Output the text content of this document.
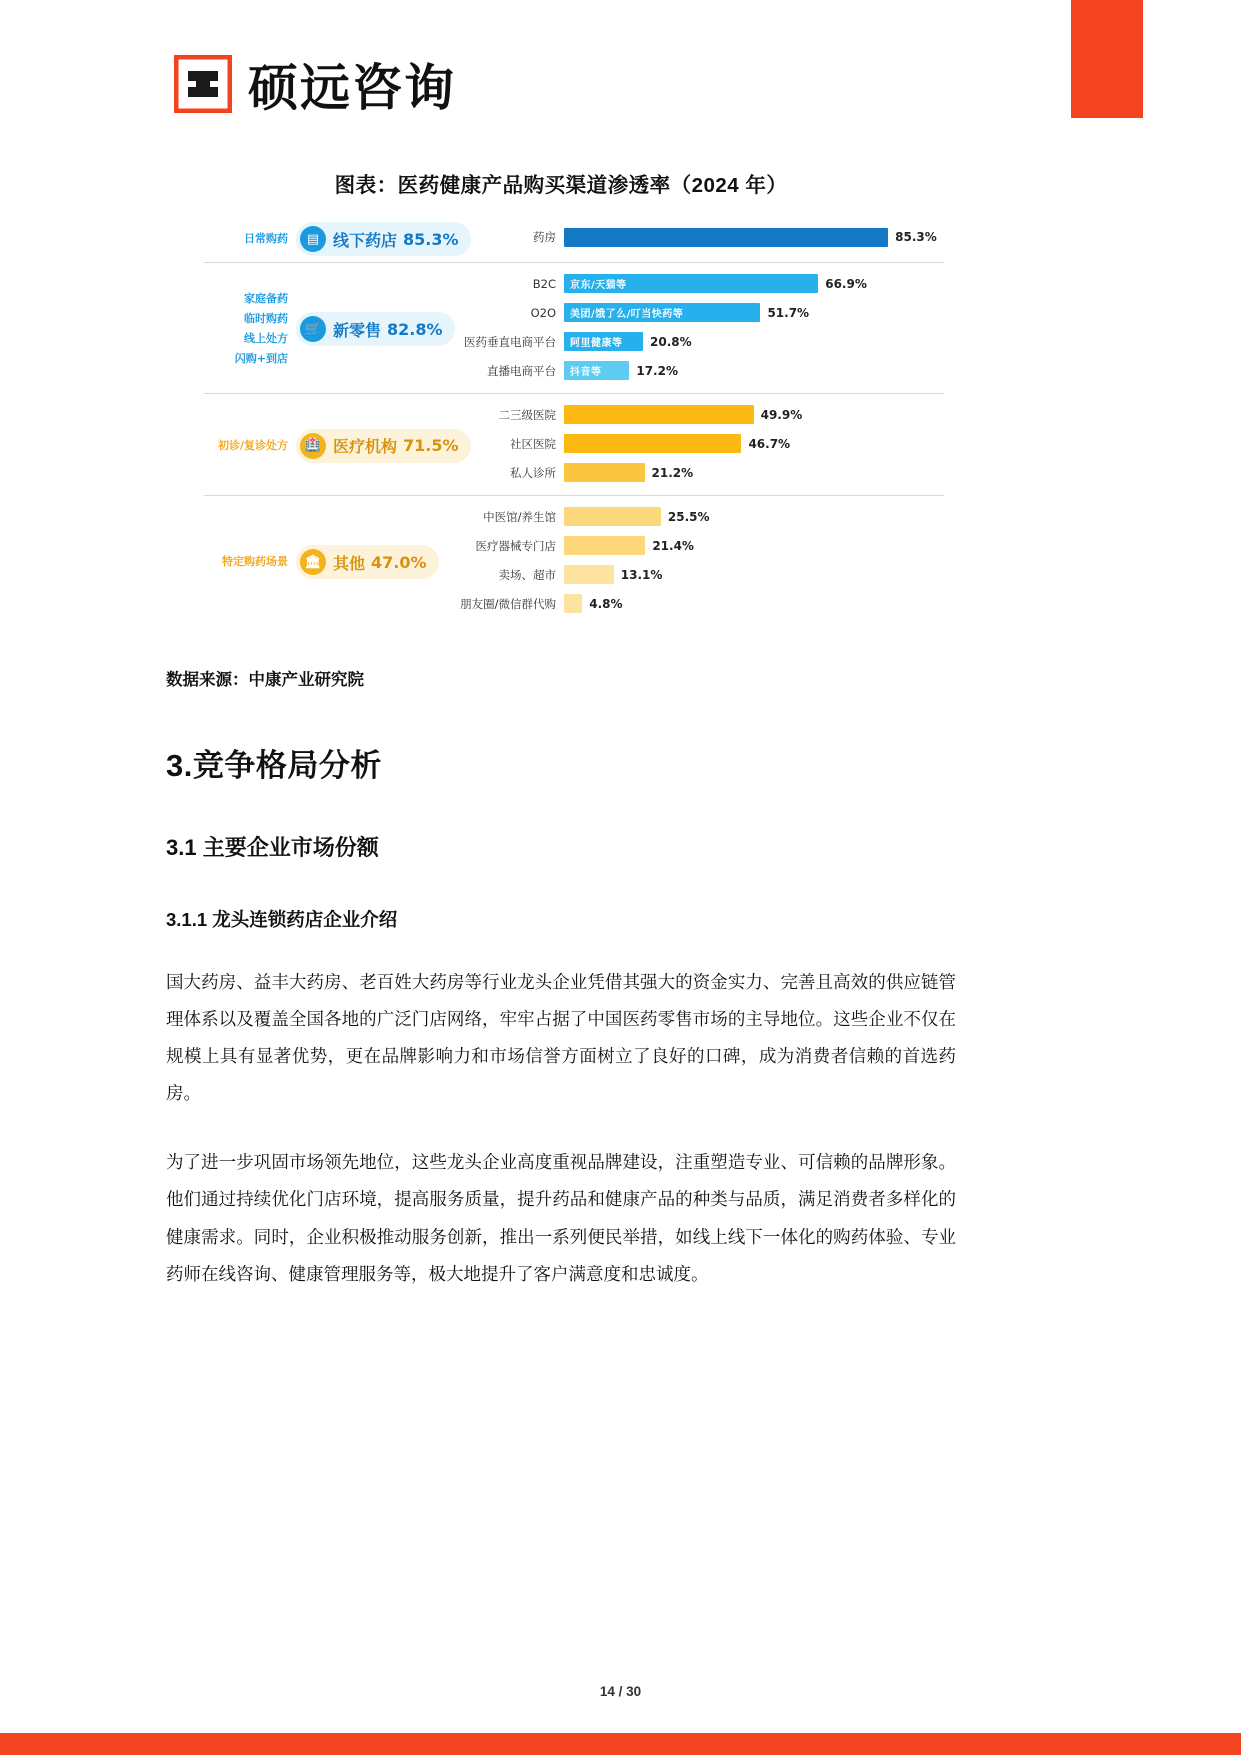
硕远咨询
图表：医药健康产品购买渠道渗透率（2024 年）
日常购药	▤ 线下药店 85.3%	药房	85.3%
家庭备药
临时购药
线上处方
闪购+到店
🛒 新零售 82.8%
B2C	京东/天猫等	66.9%
O2O	美团/饿了么/叮当快药等	51.7%
医药垂直电商平台	阿里健康等 20.8%
直播电商平台	抖音等	17.2%
初诊/复诊处方	🏥 医疗机构 71.5%
二三级医院	49.9%
社区医院	46.7%
私人诊所	21.2%
特定购药场景	🏛 其他 47.0%
中医馆/养生馆	25.5%
医疗器械专门店	21.4%
卖场、超市	13.1%
朋友圈/微信群代购	4.8%
数据来源：中康产业研究院
3.竞争格局分析
3.1 主要企业市场份额
3.1.1 龙头连锁药店企业介绍

国大药房、益丰大药房、老百姓大药房等行业龙头企业凭借其强大的资金实力、完善且高效的供应链管理体系以及覆盖全国各地的广泛门店网络，牢牢占据了中国医药零售市场的主导地位。这些企业不仅在规模上具有显著优势，更在品牌影响力和市场信誉方面树立了良好的口碑，成为消费者信赖的首选药房。

为了进一步巩固市场领先地位，这些龙头企业高度重视品牌建设，注重塑造专业、可信赖的品牌形象。他们通过持续优化门店环境，提高服务质量，提升药品和健康产品的种类与品质，满足消费者多样化的健康需求。同时，企业积极推动服务创新，推出一系列便民举措，如线上线下一体化的购药体验、专业药师在线咨询、健康管理服务等，极大地提升了客户满意度和忠诚度。

14 / 30
